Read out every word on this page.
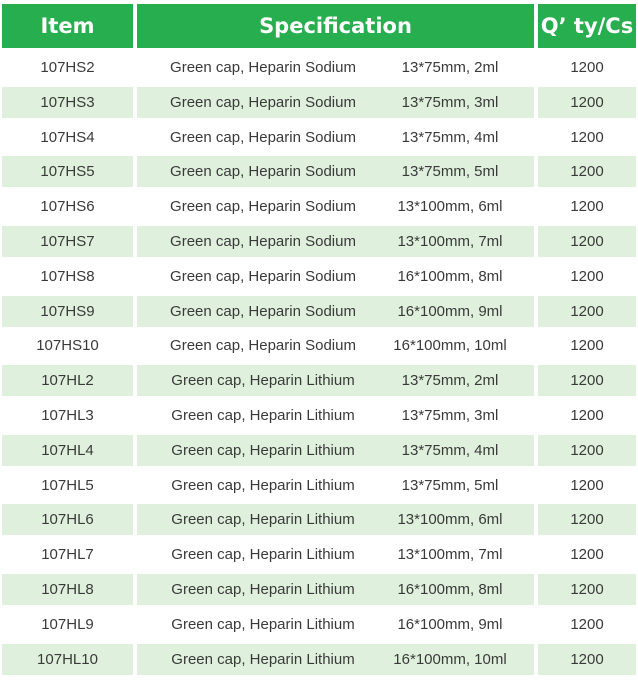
Item	Specification	Q’ ty/Cs
107HS2	Green cap, Heparin Sodium	13*75mm, 2ml	1200
107HS3	Green cap, Heparin Sodium	13*75mm, 3ml	1200
107HS4	Green cap, Heparin Sodium	13*75mm, 4ml	1200
107HS5	Green cap, Heparin Sodium	13*75mm, 5ml	1200
107HS6	Green cap, Heparin Sodium	13*100mm, 6ml	1200
107HS7	Green cap, Heparin Sodium	13*100mm, 7ml	1200
107HS8	Green cap, Heparin Sodium	16*100mm, 8ml	1200
107HS9	Green cap, Heparin Sodium	16*100mm, 9ml	1200
107HS10	Green cap, Heparin Sodium	16*100mm, 10ml	1200
107HL2	Green cap, Heparin Lithium	13*75mm, 2ml	1200
107HL3	Green cap, Heparin Lithium	13*75mm, 3ml	1200
107HL4	Green cap, Heparin Lithium	13*75mm, 4ml	1200
107HL5	Green cap, Heparin Lithium	13*75mm, 5ml	1200
107HL6	Green cap, Heparin Lithium	13*100mm, 6ml	1200
107HL7	Green cap, Heparin Lithium	13*100mm, 7ml	1200
107HL8	Green cap, Heparin Lithium	16*100mm, 8ml	1200
107HL9	Green cap, Heparin Lithium	16*100mm, 9ml	1200
107HL10	Green cap, Heparin Lithium	16*100mm, 10ml	1200
